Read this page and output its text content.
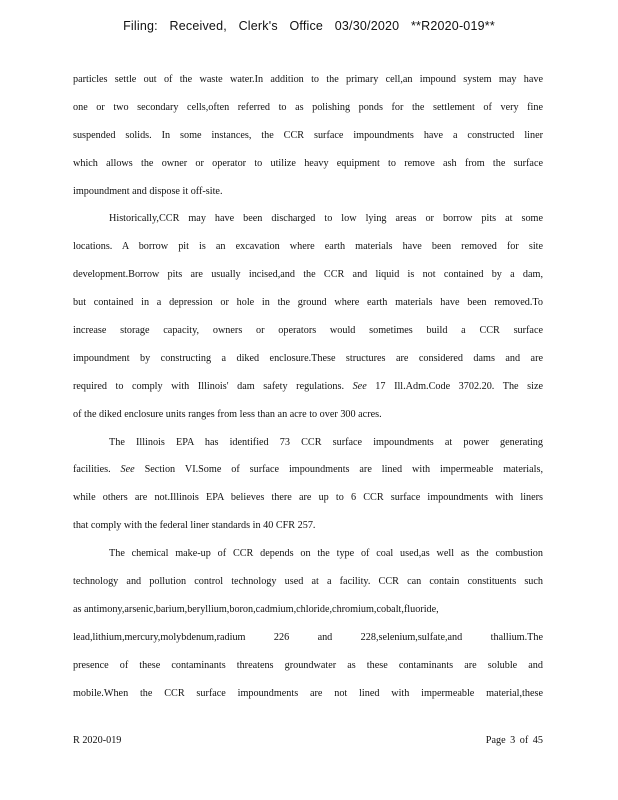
Filing: Received, Clerk's Office 03/30/2020 **R2020-019**
particles settle out of the waste water.In addition to the primary cell,an impound system may have
one or two secondary cells,often referred to as polishing ponds for the settlement of very fine
suspended solids. In some instances, the CCR surface impoundments have a constructed liner
which allows the owner or operator to utilize heavy equipment to remove ash from the surface
impoundment and dispose it off-site.
Historically,CCR may have been discharged to low lying areas or borrow pits at some
locations. A borrow pit is an excavation where earth materials have been removed for site
development.Borrow pits are usually incised,and the CCR and liquid is not contained by a dam,
but contained in a depression or hole in the ground where earth materials have been removed.To
increase storage capacity, owners or operators would sometimes build a CCR surface
impoundment by constructing a diked enclosure.These structures are considered dams and are
required to comply with Illinois' dam safety regulations. See 17 Ill.Adm.Code 3702.20. The size
of the diked enclosure units ranges from less than an acre to over 300 acres.
The Illinois EPA has identified 73 CCR surface impoundments at power generating
facilities. See Section VI.Some of surface impoundments are lined with impermeable materials,
while others are not.Illinois EPA believes there are up to 6 CCR surface impoundments with liners
that comply with the federal liner standards in 40 CFR 257.
The chemical make-up of CCR depends on the type of coal used,as well as the combustion
technology and pollution control technology used at a facility. CCR can contain constituents such
as antimony,arsenic,barium,beryllium,boron,cadmium,chloride,chromium,cobalt,fluoride,
lead,lithium,mercury,molybdenum,radium 226 and 228,selenium,sulfate,and thallium.The
presence of these contaminants threatens groundwater as these contaminants are soluble and
mobile.When the CCR surface impoundments are not lined with impermeable material,these
R 2020-019	Page 3 of 45
